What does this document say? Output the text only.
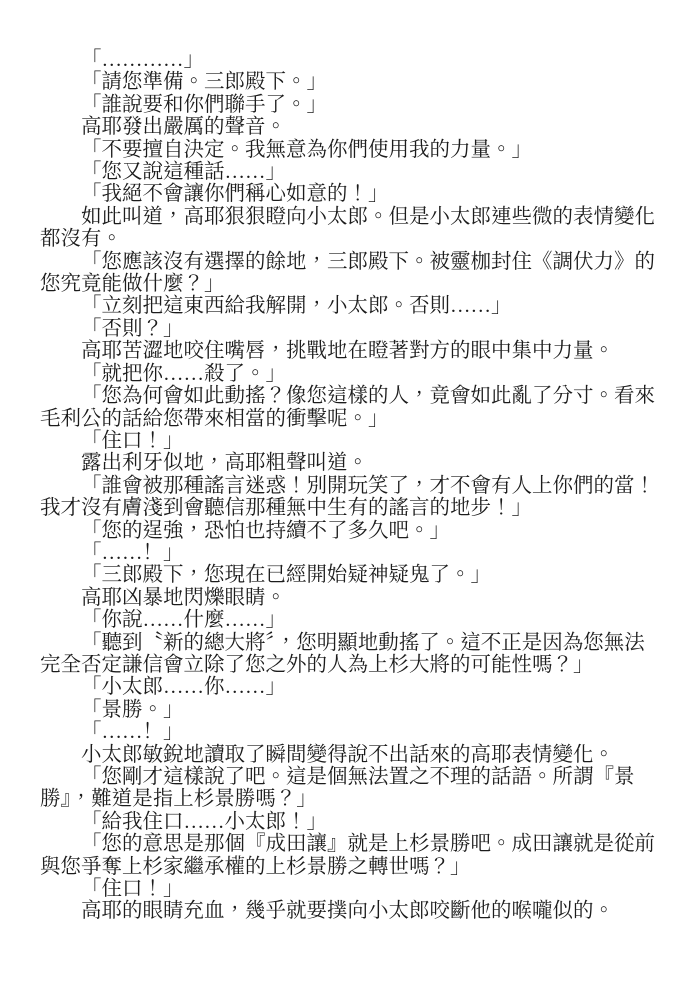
「…………」
「請您準備。三郎殿下。」
「誰說要和你們聯手了。」
高耶發出嚴厲的聲音。
「不要擅自決定。我無意為你們使用我的力量。」
「您又說這種話……」
「我絕不會讓你們稱心如意的！」
如此叫道，高耶狠狠瞪向小太郎。但是小太郎連些微的表情變化
都沒有。
「您應該沒有選擇的餘地，三郎殿下。被靈枷封住《調伏力》的
您究竟能做什麼？」
「立刻把這東西給我解開，小太郎。否則……」
「否則？」
高耶苦澀地咬住嘴唇，挑戰地在瞪著對方的眼中集中力量。
「就把你……殺了。」
「您為何會如此動搖？像您這樣的人，竟會如此亂了分寸。看來
毛利公的話給您帶來相當的衝擊呢。」
「住口！」
露出利牙似地，高耶粗聲叫道。
「誰會被那種謠言迷惑！別開玩笑了，才不會有人上你們的當！
我才沒有膚淺到會聽信那種無中生有的謠言的地步！」
「您的逞強，恐怕也持續不了多久吧。」
「……！」
「三郎殿下，您現在已經開始疑神疑鬼了。」
高耶凶暴地閃爍眼睛。
「你說……什麼……」
「聽到〝新的總大將〞，您明顯地動搖了。這不正是因為您無法
完全否定謙信會立除了您之外的人為上杉大將的可能性嗎？」
「小太郎……你……」
「景勝。」
「……！」
小太郎敏銳地讀取了瞬間變得說不出話來的高耶表情變化。
「您剛才這樣說了吧。這是個無法置之不理的話語。所謂『景
勝』，難道是指上杉景勝嗎？」
「給我住口……小太郎！」
「您的意思是那個『成田讓』就是上杉景勝吧。成田讓就是從前
與您爭奪上杉家繼承權的上杉景勝之轉世嗎？」
「住口！」
高耶的眼睛充血，幾乎就要撲向小太郎咬斷他的喉嚨似的。
